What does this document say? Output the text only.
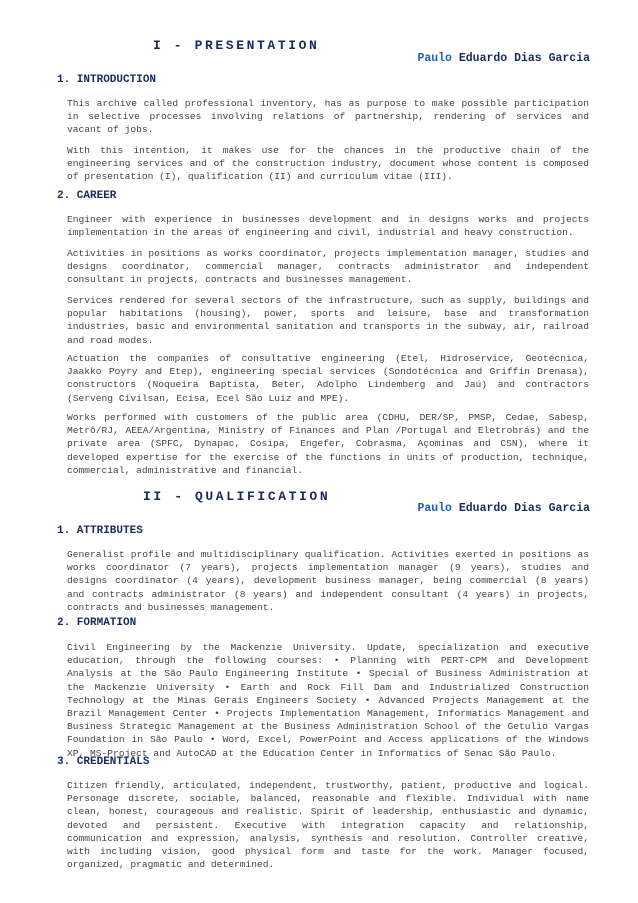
I - PRESENTATION
Paulo Eduardo Dias Garcia
1. INTRODUCTION
This archive called professional inventory, has as purpose to make possible participation in selective processes involving relations of partnership, rendering of services and vacant of jobs.
With this intention, it makes use for the chances in the productive chain of the engineering services and of the construction industry, document whose content is composed of presentation (I), qualification (II) and curriculum vitae (III).
2. CAREER
Engineer with experience in businesses development and in designs works and projects implementation in the areas of engineering and civil, industrial and heavy construction.
Activities in positions as works coordinator, projects implementation manager, studies and designs coordinator, commercial manager, contracts administrator and independent consultant in projects, contracts and businesses management.
Services rendered for several sectors of the infrastructure, such as supply, buildings and popular habitations (housing), power, sports and leisure, base and transformation industries, basic and environmental sanitation and transports in the subway, air, railroad and road modes.
Actuation the companies of consultative engineering (Etel, Hidroservice, Geotécnica, Jaakko Poyry and Etep), engineering special services (Sondotécnica and Griffin Drenasa), constructors (Noqueira Baptista, Beter, Adolpho Lindemberg and Jaú) and contractors (Serveng Civilsan, Ecisa, Ecel São Luiz and MPE).
Works performed with customers of the public area (CDHU, DER/SP, PMSP, Cedae, Sabesp, Metrô/RJ, AEEA/Argentina, Ministry of Finances and Plan /Portugal and Eletrobrás) and the private area (SPFC, Dynapac, Cosipa, Engefer, Cobrasma, Açominas and CSN), where it developed expertise for the exercise of the functions in units of production, technique, commercial, administrative and financial.
II - QUALIFICATION
Paulo Eduardo Dias Garcia
1. ATTRIBUTES
Generalist profile and multidisciplinary qualification. Activities exerted in positions as works coordinator (7 years), projects implementation manager (9 years), studies and designs coordinator (4 years), development business manager, being commercial (8 years) and contracts administrator (8 years) and independent consultant (4 years) in projects, contracts and businesses management.
2. FORMATION
Civil Engineering by the Mackenzie University. Update, specialization and executive education, through the following courses: • Planning with PERT-CPM and Development Analysis at the São Paulo Engineering Institute • Special of Business Administration at the Mackenzie University • Earth and Rock Fill Dam and Industrialized Construction Technology at the Minas Gerais Engineers Society • Advanced Projects Management at the Brazil Management Center • Projects Implementation Management, Informatics Management and Business Strategic Management at the Business Administration School of the Getulio Vargas Foundation in São Paulo • Word, Excel, PowerPoint and Access applications of the Windows XP, MS-Project and AutoCAD at the Education Center in Informatics of Senac São Paulo.
3. CREDENTIALS
Citizen friendly, articulated, independent, trustworthy, patient, productive and logical. Personage discrete, sociable, balanced, reasonable and flexible. Individual with name clean, honest, courageous and realistic. Spirit of leadership, enthusiastic and dynamic, devoted and persistent. Executive with integration capacity and relationship, communication and expression, analysis, synthesis and resolution. Controller creative, with including vision, good physical form and taste for the work. Manager focused, organized, pragmatic and determined.
